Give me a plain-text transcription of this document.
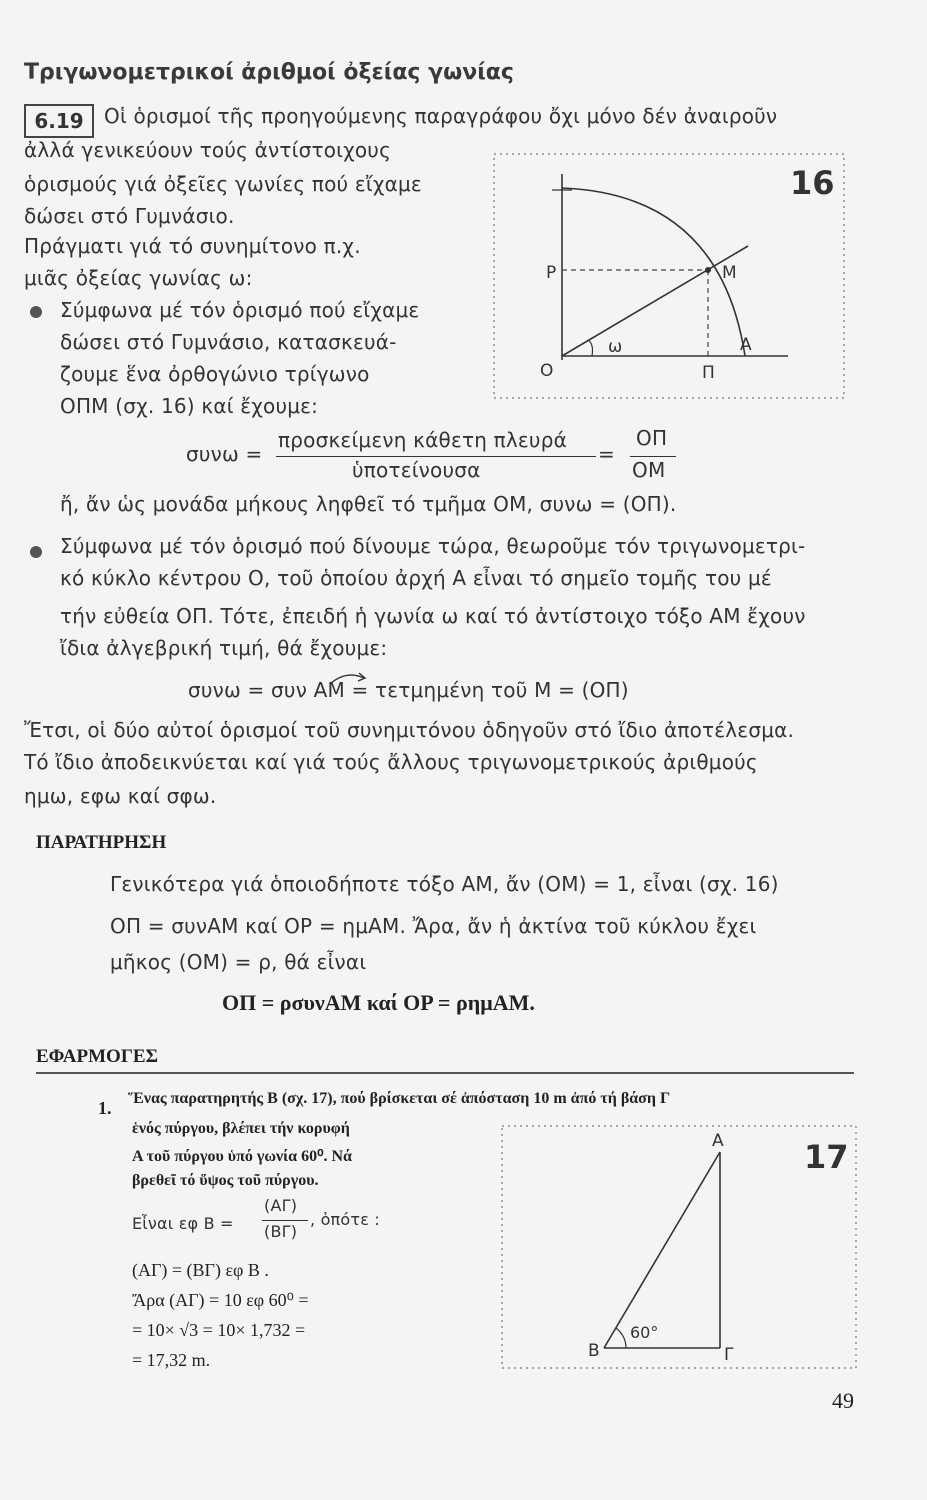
Τριγωνομετρικοί ἀριθμοί ὀξείας γωνίας
6.19	Οἱ ὁρισμοί τῆς προηγούμενης παραγράφου ὄχι μόνο δέν ἀναιροῦν
ἀλλά γενικεύουν τούς ἀντίστοιχους
ὁρισμούς γιά ὀξεῖες γωνίες πού εἴχαμε
δώσει στό Γυμνάσιο.
Πράγματι γιά τό συνημίτονο π.χ.
μιᾶς ὀξείας γωνίας ω:
Σύμφωνα μέ τόν ὁρισμό πού εἴχαμε
δώσει στό Γυμνάσιο, κατασκευά-
ζουμε ἕνα ὀρθογώνιο τρίγωνο
ΟΠΜ (σχ. 16) καί ἔχουμε:
16
P	M
O	Π
A
ω
συνω =
προσκείμενη κάθετη πλευρά
ὑποτείνουσα
=
ΟΠ
ΟΜ
ἤ, ἄν ὡς μονάδα μήκους ληφθεῖ τό τμῆμα ΟΜ, συνω = (ΟΠ).
Σύμφωνα μέ τόν ὁρισμό πού δίνουμε τώρα, θεωροῦμε τόν τριγωνομετρι-
κό κύκλο κέντρου Ο, τοῦ ὁποίου ἀρχή Α εἶναι τό σημεῖο τομῆς του μέ
τήν εὐθεία ΟΠ. Τότε, ἐπειδή ἡ γωνία ω καί τό ἀντίστοιχο τόξο ΑΜ ἔχουν
ἴδια ἀλγεβρική τιμή, θά ἔχουμε:
συνω = συν ΑΜ = τετμημένη τοῦ Μ = (ΟΠ)
Ἔτσι, οἱ δύο αὐτοί ὁρισμοί τοῦ συνημιτόνου ὁδηγοῦν στό ἴδιο ἀποτέλεσμα.
Τό ἴδιο ἀποδεικνύεται καί γιά τούς ἄλλους τριγωνομετρικούς ἀριθμούς
ημω, εφω καί σφω.
ΠΑΡΑΤΗΡΗΣΗ
Γενικότερα γιά ὁποιοδήποτε τόξο ΑΜ, ἄν (ΟΜ) = 1, εἶναι (σχ. 16)
ΟΠ = συνΑΜ καί ΟΡ = ημΑΜ. Ἄρα, ἄν ἡ ἀκτίνα τοῦ κύκλου ἔχει
μῆκος (ΟΜ) = ρ, θά εἶναι
ΟΠ = ρσυνΑΜ καί ΟΡ = ρημΑΜ.
ΕΦΑΡΜΟΓΕΣ
1. Ἕνας παρατηρητής Β (σχ. 17), πού βρίσκεται σέ ἀπόσταση 10 m ἀπό τή βάση Γ
ἑνός πύργου, βλέπει τήν κορυφή
Α τοῦ πύργου ὑπό γωνία 60⁰. Νά
βρεθεῖ τό ὕψος τοῦ πύργου.
Εἶναι εφ Β =
(ΑΓ)
(ΒΓ)
, ὁπότε :
(ΑΓ) = (ΒΓ) εφ Β .
Ἄρα (ΑΓ) = 10 εφ 60⁰ =
= 10× √3 = 10× 1,732 =
= 17,32 m.
17
A
B	Γ
60°
49
